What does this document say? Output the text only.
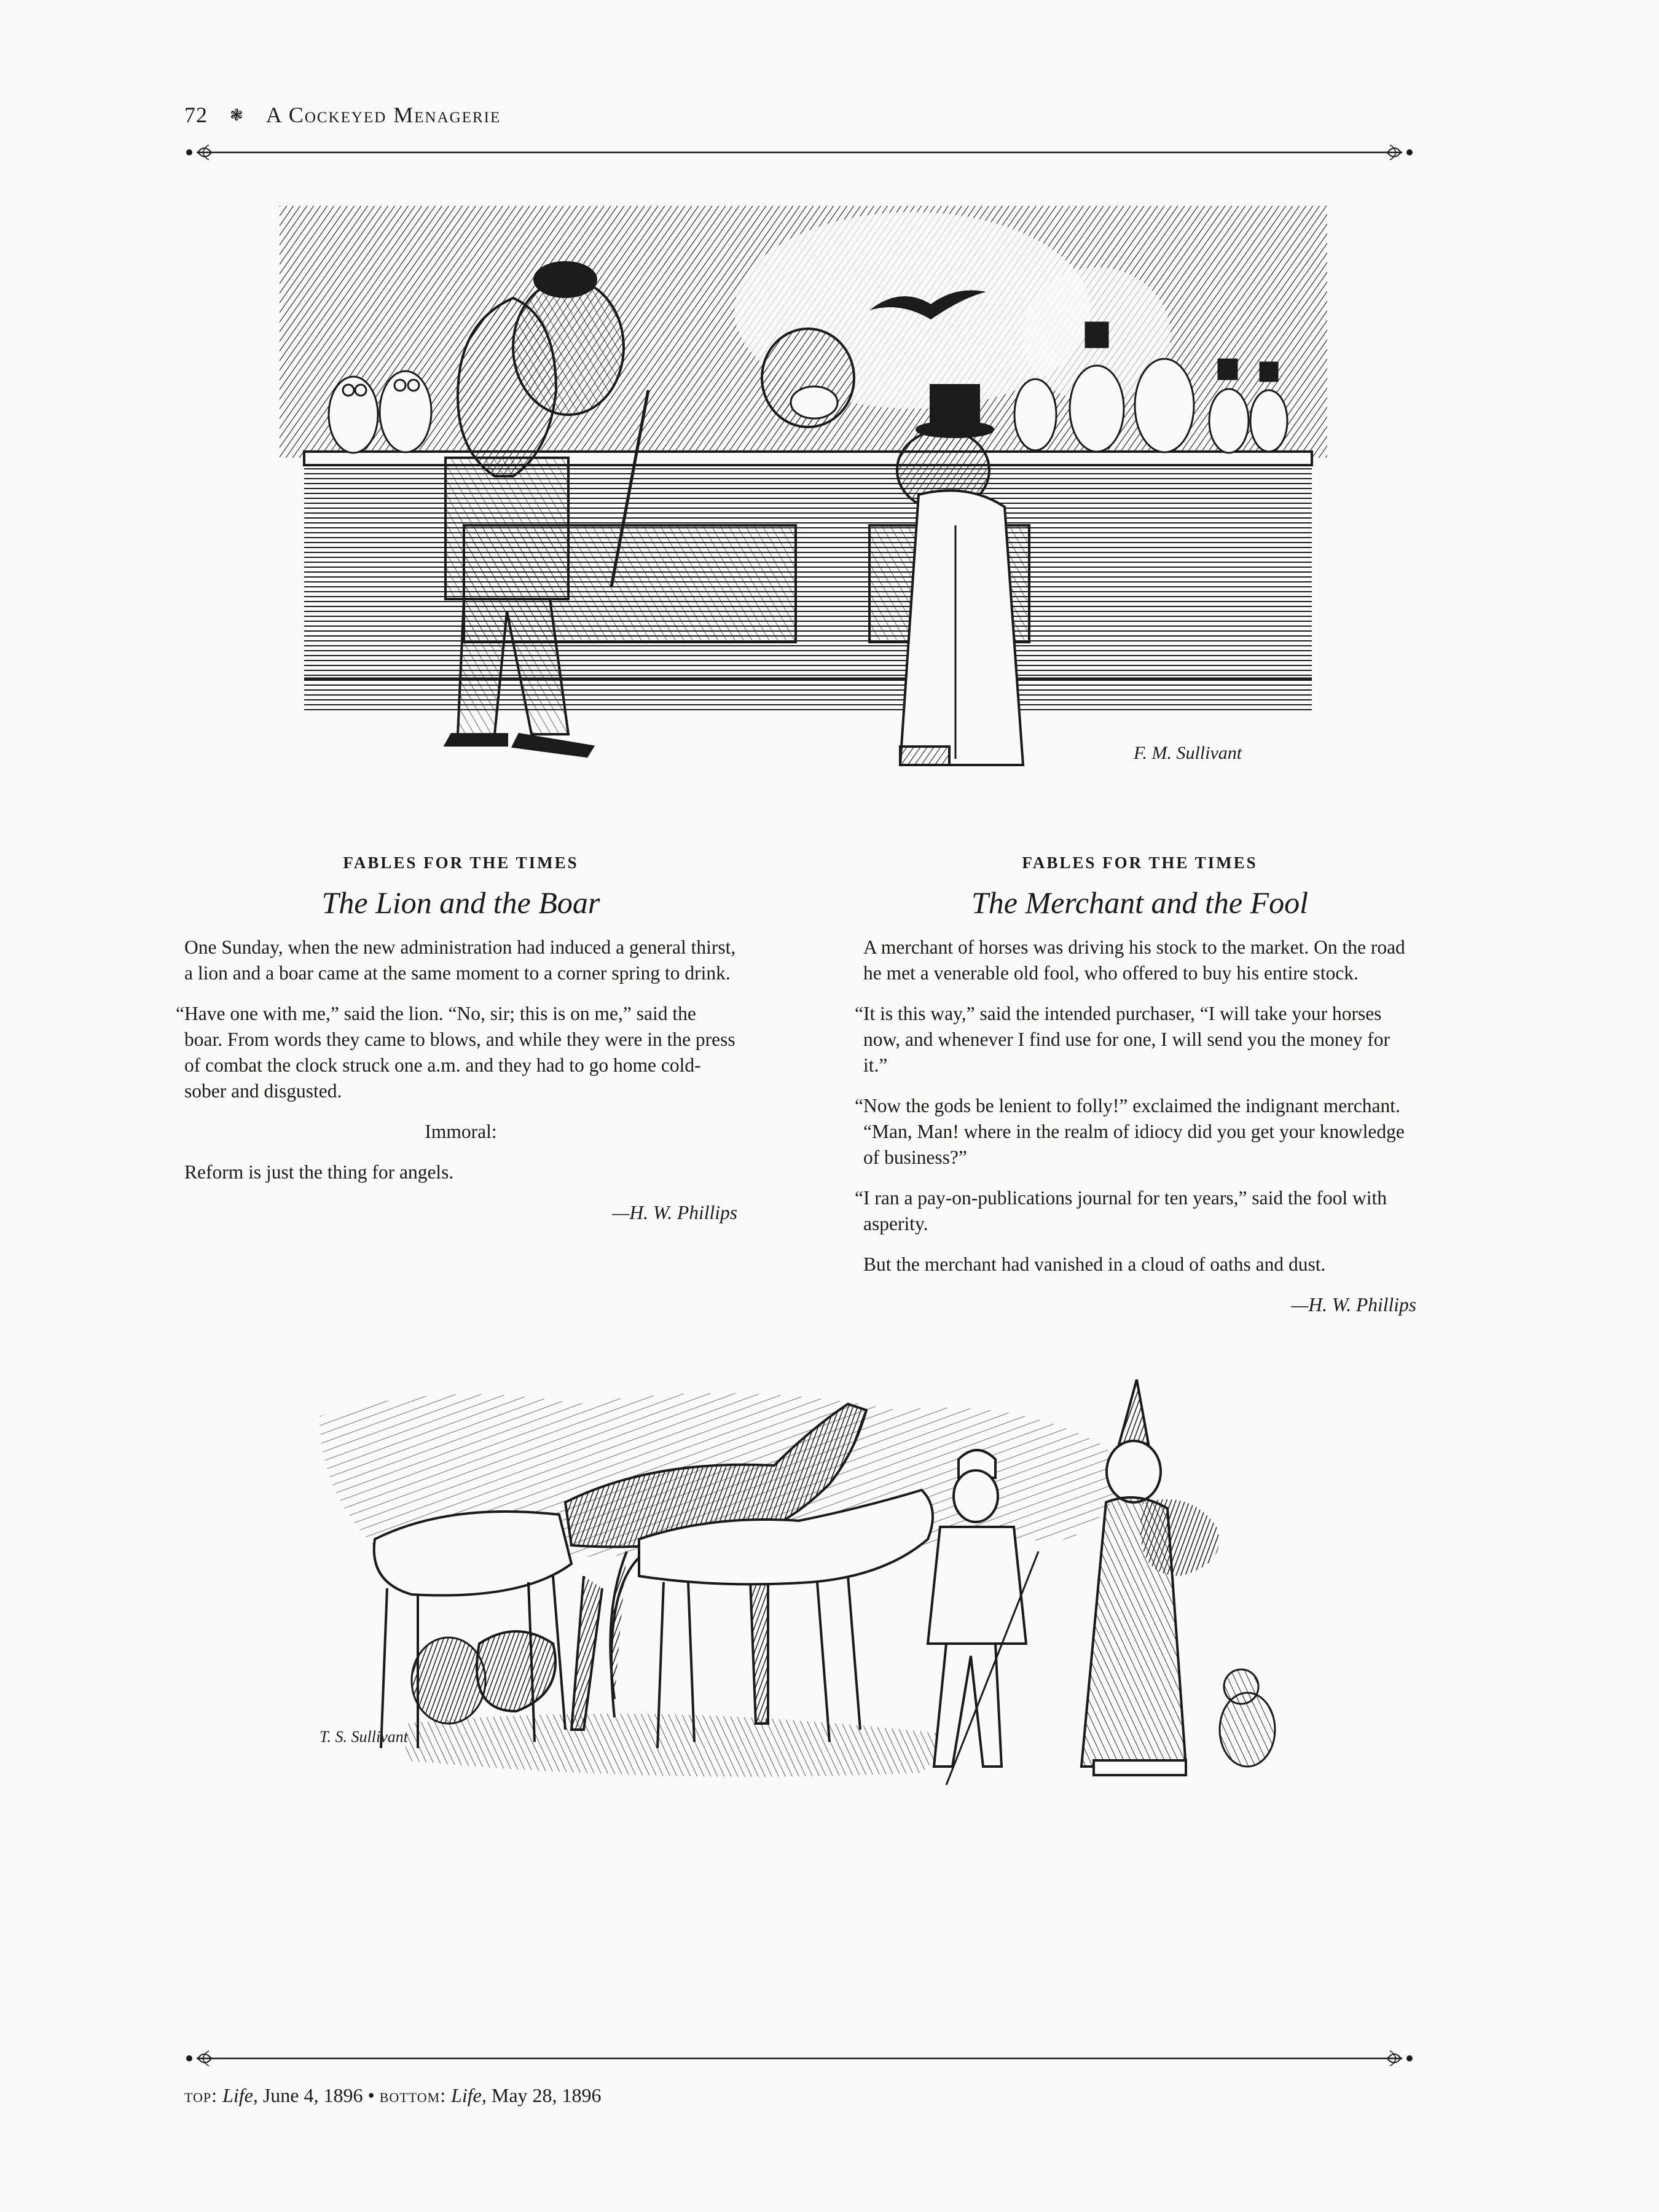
72 ❃ A Cockeyed Menagerie
F. M. Sullivant
FABLES FOR THE TIMES
The Lion and the Boar

One Sunday, when the new administration had induced a general thirst, a lion and a boar came at the same moment to a corner spring to drink.

“Have one with me,” said the lion. “No, sir; this is on me,” said the boar. From words they came to blows, and while they were in the press of combat the clock struck one a.m. and they had to go home cold-sober and disgusted.

Immoral:

Reform is just the thing for angels.

—H. W. Phillips
FABLES FOR THE TIMES
The Merchant and the Fool

A merchant of horses was driving his stock to the market. On the road he met a venerable old fool, who offered to buy his entire stock.

“It is this way,” said the intended purchaser, “I will take your horses now, and whenever I find use for one, I will send you the money for it.”

“Now the gods be lenient to folly!” exclaimed the indignant merchant. “Man, Man! where in the realm of idiocy did you get your knowledge of business?”

“I ran a pay-on-publications journal for ten years,” said the fool with asperity.

But the merchant had vanished in a cloud of oaths and dust.

—H. W. Phillips
T. S. Sullivant
top: Life, June 4, 1896 • bottom: Life, May 28, 1896
